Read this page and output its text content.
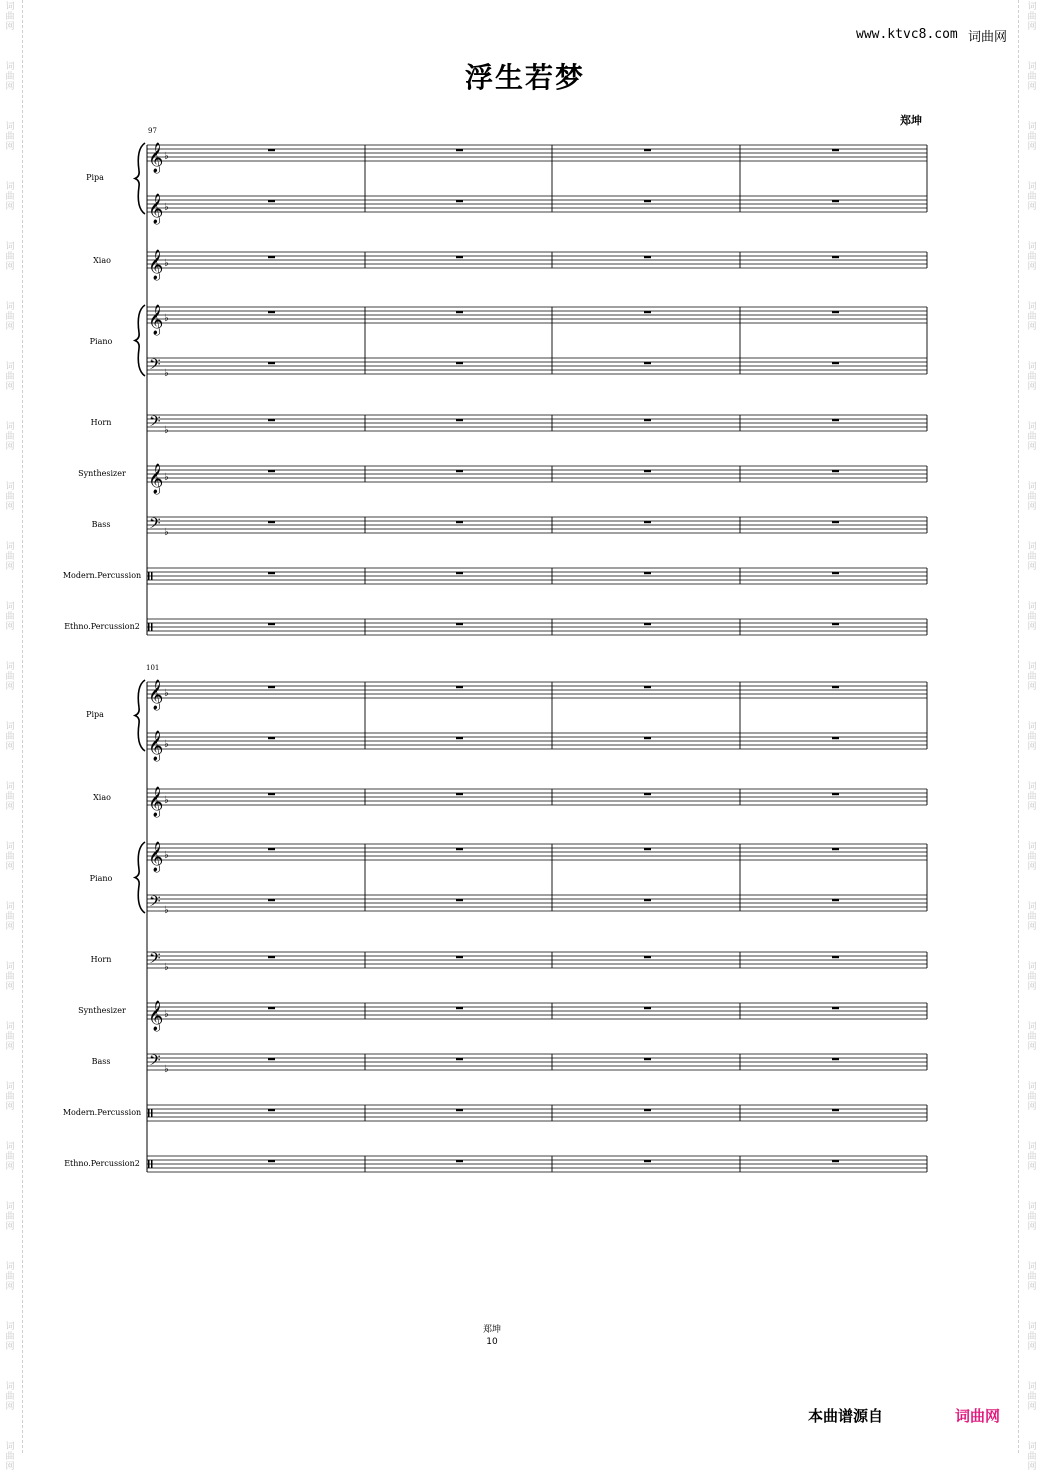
词
曲
网
词
曲
网
词
曲
网
词
曲
网
词
曲
网
词
曲
网
词
曲
网
词
曲
网
词
曲
网
词
曲
网
词
曲
网
词
曲
网
词
曲
网
词
曲
网
词
曲
网
词
曲
网
词
曲
网
词
曲
网
词
曲
网
词
曲
网
词
曲
网
词
曲
网
词
曲
网
词
曲
网
词
曲
网
词
曲
网
词
曲
网
词
曲
网
词
曲
网
词
曲
网
词
曲
网
词
曲
网
词
曲
网
词
曲
网
词
曲
网
词
曲
网
词
曲
网
词
曲
网
词
曲
网
词
曲
网
词
曲
网
词
曲
网
词
曲
网
词
曲
网
词
曲
网
词
曲
网
词
曲
网
词
曲
网
词
曲
网
词
曲
网
www.ktvc8.com 词曲网
浮生若梦
郑坤
𝄞 ♭
𝄞 ♭
𝄞 ♭
𝄞 ♭
𝄢 ♭
𝄢 ♭
𝄞 ♭
𝄢 ♭
𝄞 ♭
𝄞 ♭
𝄞 ♭
𝄞 ♭
𝄢 ♭
𝄢 ♭
𝄞 ♭
𝄢 ♭
Pipa
Xiao
Piano
Horn
Synthesizer
Bass
Modern.Percussion
Ethno.Percussion2
97
Pipa
Xiao
Piano
Horn
Synthesizer
Bass
Modern.Percussion
Ethno.Percussion2
101
郑坤
10
本曲谱源自	词曲网
